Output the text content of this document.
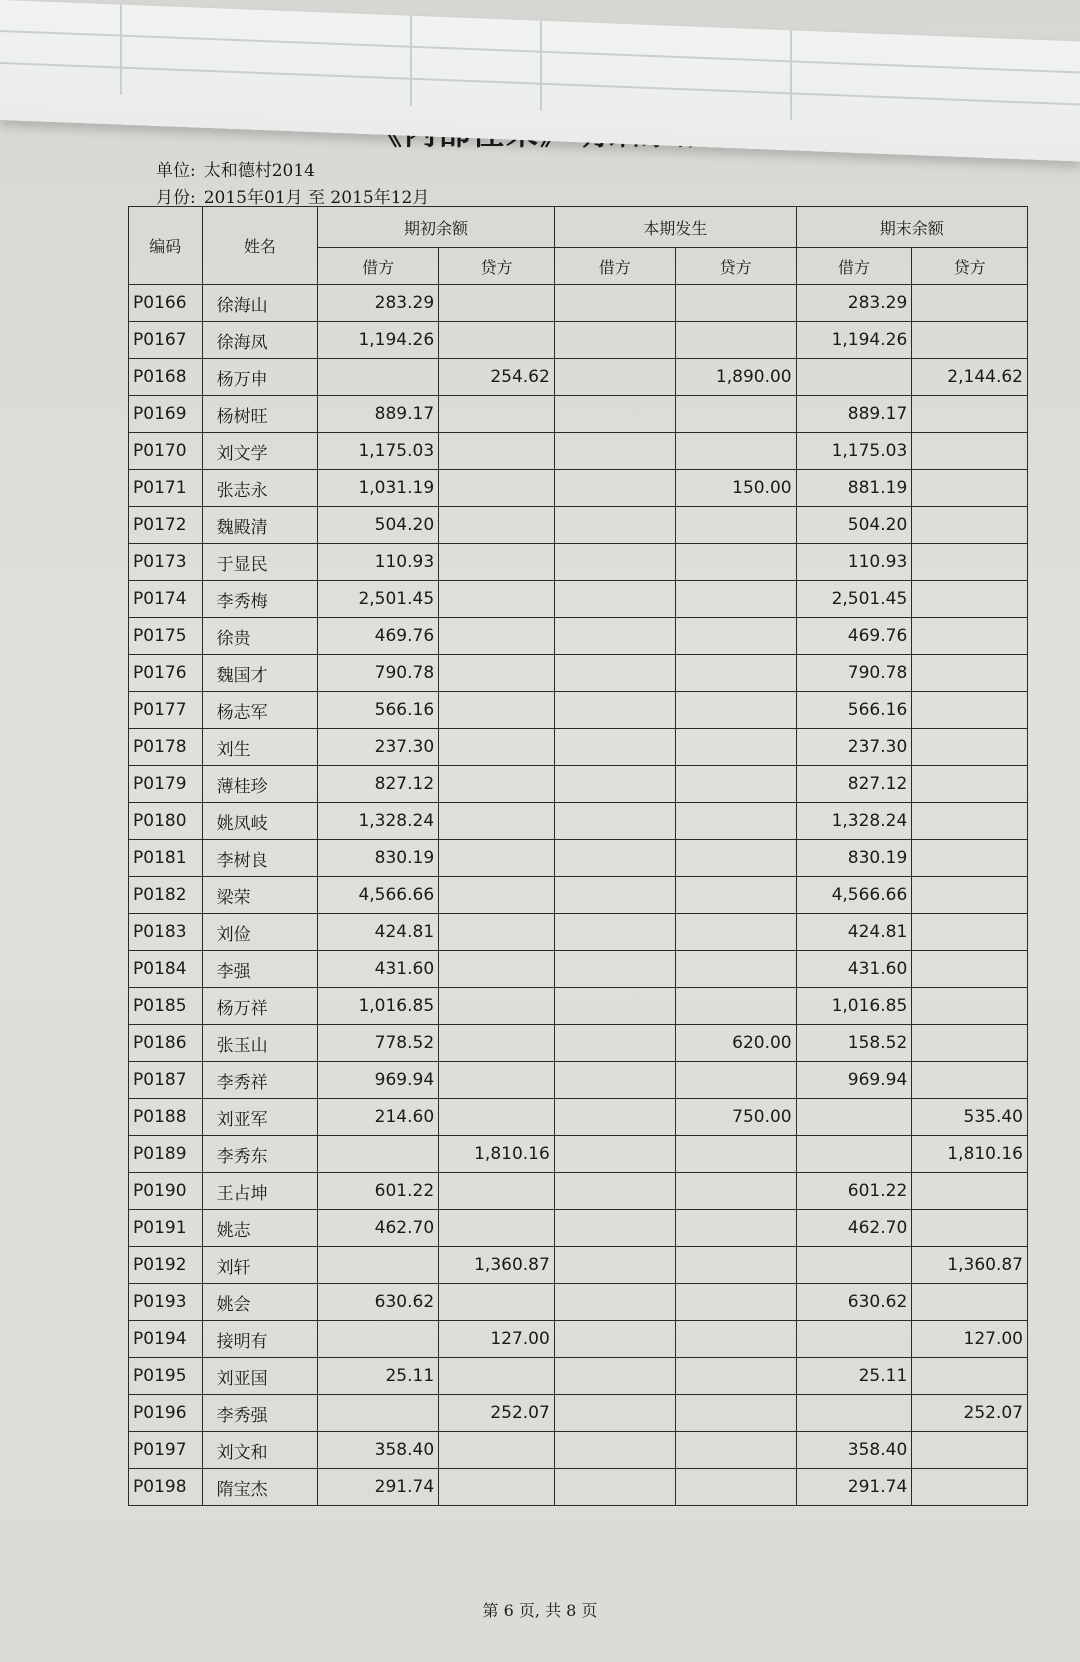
单位: 太和德村2014
月份: 2015年01月 至 2015年12月
编码	姓名	期初余额		本期发生		期末余额	
		借方	贷方	借方	贷方	借方	贷方
P0166	徐海山	283.29				283.29	
P0167	徐海凤	1,194.26				1,194.26	
P0168	杨万申		254.62		1,890.00		2,144.62
P0169	杨树旺	889.17				889.17	
P0170	刘文学	1,175.03				1,175.03	
P0171	张志永	1,031.19			150.00	881.19	
P0172	魏殿清	504.20				504.20	
P0173	于显民	110.93				110.93	
P0174	李秀梅	2,501.45				2,501.45	
P0175	徐贵	469.76				469.76	
P0176	魏国才	790.78				790.78	
P0177	杨志军	566.16				566.16	
P0178	刘生	237.30				237.30	
P0179	薄桂珍	827.12				827.12	
P0180	姚凤岐	1,328.24				1,328.24	
P0181	李树良	830.19				830.19	
P0182	梁荣	4,566.66				4,566.66	
P0183	刘俭	424.81				424.81	
P0184	李强	431.60				431.60	
P0185	杨万祥	1,016.85				1,016.85	
P0186	张玉山	778.52			620.00	158.52	
P0187	李秀祥	969.94				969.94	
P0188	刘亚军	214.60			750.00		535.40
P0189	李秀东		1,810.16				1,810.16
P0190	王占坤	601.22				601.22	
P0191	姚志	462.70				462.70	
P0192	刘轩		1,360.87				1,360.87
P0193	姚会	630.62				630.62	
P0194	接明有		127.00				127.00
P0195	刘亚国	25.11				25.11	
P0196	李秀强		252.07				252.07
P0197	刘文和	358.40				358.40	
P0198	隋宝杰	291.74				291.74	
第 6 页, 共 8 页
